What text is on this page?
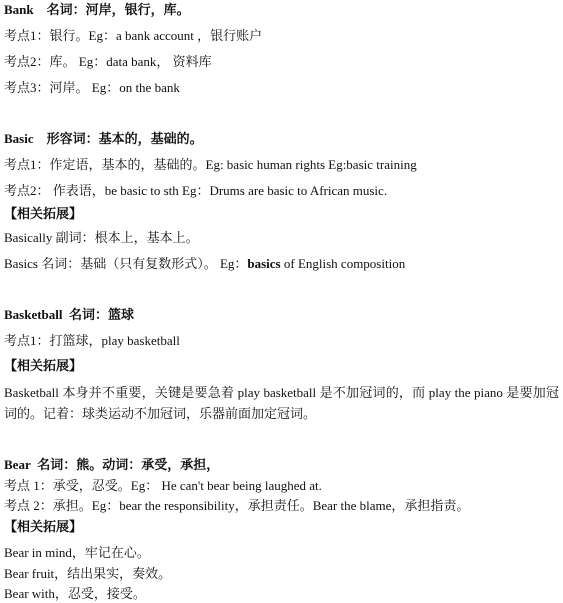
Bank 名词：河岸，银行，库。
考点1：银行。Eg：a bank account ，银行账户
考点2：库。 Eg：data bank， 资料库
考点3：河岸。 Eg：on the bank
Basic 形容词：基本的，基础的。
考点1：作定语，基本的，基础的。Eg: basic human rights Eg:basic training
考点2： 作表语，be basic to sth Eg：Drums are basic to African music.
【相关拓展】
Basically 副词：根本上，基本上。
Basics 名词：基础（只有复数形式）。 Eg：basics of English composition
Basketball 名词：篮球
考点1：打篮球，play basketball
【相关拓展】
Basketball 本身并不重要，关键是要急着 play basketball 是不加冠词的，而 play the piano 是要加冠词的。记着：球类运动不加冠词，乐器前面加定冠词。
Bear 名词：熊。动词：承受，承担，
考点 1：承受，忍受。Eg： He can't bear being laughed at.
考点 2：承担。Eg：bear the responsibility，承担责任。Bear the blame，承担指责。
【相关拓展】
Bear in mind，牢记在心。
Bear fruit，结出果实，奏效。
Bear with，忍受，接受。
